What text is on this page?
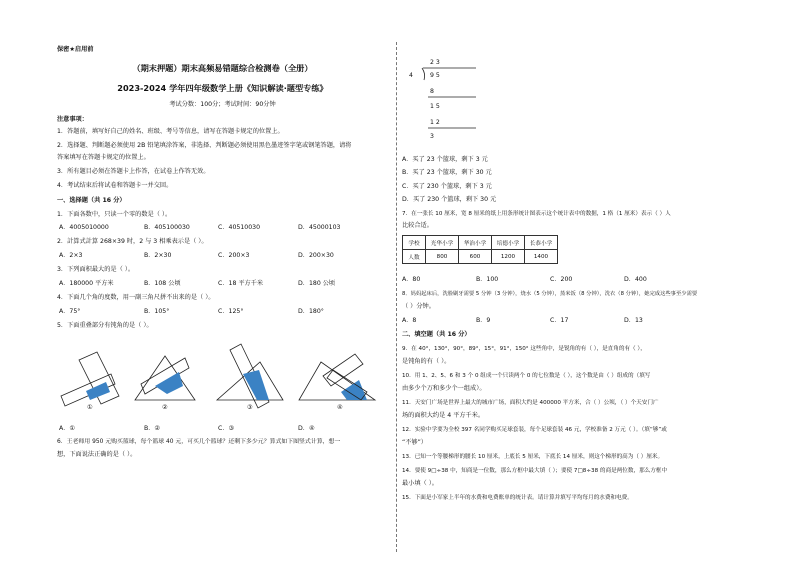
保密★启用前
（期末押题）期末高频易错题综合检测卷（全册）
2023-2024 学年四年级数学上册《知识解读·题型专练》
考试分数：100分；考试时间：90分钟
注意事项：
1．答题前，填写好自己的姓名、班级、考号等信息，请写在答题卡规定的位置上。
2．选择题、判断题必须使用 2B 铅笔填涂答案，非选择、判断题必须使用黑色墨迹签字笔或钢笔答题，请将
答案填写在答题卡规定的位置上。
3．所有题目必须在答题卡上作答，在试卷上作答无效。
4．考试结束后将试卷和答题卡一并交回。
一、选择题（共 16 分）
1．下面各数中，只读一个零的数是（ ）。
A．4005010000	B．405100030	C．40510030	D．45000103
2．計算式計算 268×39 时，2 与 3 相乘表示是（ ）。
A．2×3	B．2×30	C．200×3	D．200×30
3．下列面积最大的是（ ）。
A．180000 平方米	B．108 公顷	C．18 平方千米	D．180 公顷
4．下面几个角的度数，用一副三角尺拼不出来的是（ ）。
A．75°	B．105°	C．125°	D．180°
5．下面重叠部分有钝角的是（ ）。
①	②	③	④
A．①	B．②	C．③	D．④
6．王老师用 950 元购买篮球，每个篮球 40 元，可买几个篮球？还剩下多少元？算式如下图竖式计算，想一
想，下面说法正确的是（ ）。
2 3
4	9 5
8
1 5
1 2
3
A．买了 23 个篮球，剩下 3 元
B．买了 23 个篮球，剩下 30 元
C．买了 230 个篮球，剩下 3 元
D．买了 230 个篮球，剩下 30 元
7．在一张长 10 厘米，宽 8 厘米的纸上用条形统计图表示这个统计表中的数据，1 格（1 厘米）表示（ ）人
比较合适。
学校	光华小学	华治小学	培德小学	长恭小学
人数	800	600	1200	1400
A．80	B．100	C．200	D．400
8．妈妈起床后，洗脸刷牙需要 5 分钟（3 分钟），烧水（5 分钟），蒸米饭（8 分钟），洗衣（8 分钟），她完成这些事至少需要
（ ）分钟。
A．8	B．9	C．17	D．13
二、填空题（共 16 分）
9．在 40°，130°，90°，89°，15°，91°，150° 这些角中，是锐角的有（ ），是直角的有（ ），
是钝角的有（ ）。
10．用 1、2、5、6 和 3 个 0 组成一个只读两个 0 的七位数是（ ），这个数是由（ ）组成的（填写
由多少个万和多少个一组成）。
11．天安门广场是世界上最大的城市广场，面积大约是 400000 平方米，合（ ）公顷，（ ）个天安门广
场的面积大约是 4 平方千米。
12．实验中学要为全校 397 名同学购买足球套装，每个足球套装 46 元，学校准备 2 万元（ ）。（填“够”或
“不够”）
13．已知一个等腰梯形的腰长 10 厘米，上底长 5 厘米，下底长 14 厘米，则这个梯形的高为（ ）厘米。
14．要使 9□÷38 中，知商是一位数，那么方框中最大填（ ）；要使 7□8÷38 的商是两位数，那么方框中
最小填（ ）。
15．下面是小军家上半年的水费和电费账单的统计表。请计算并填写平均每月的水费和电费。
